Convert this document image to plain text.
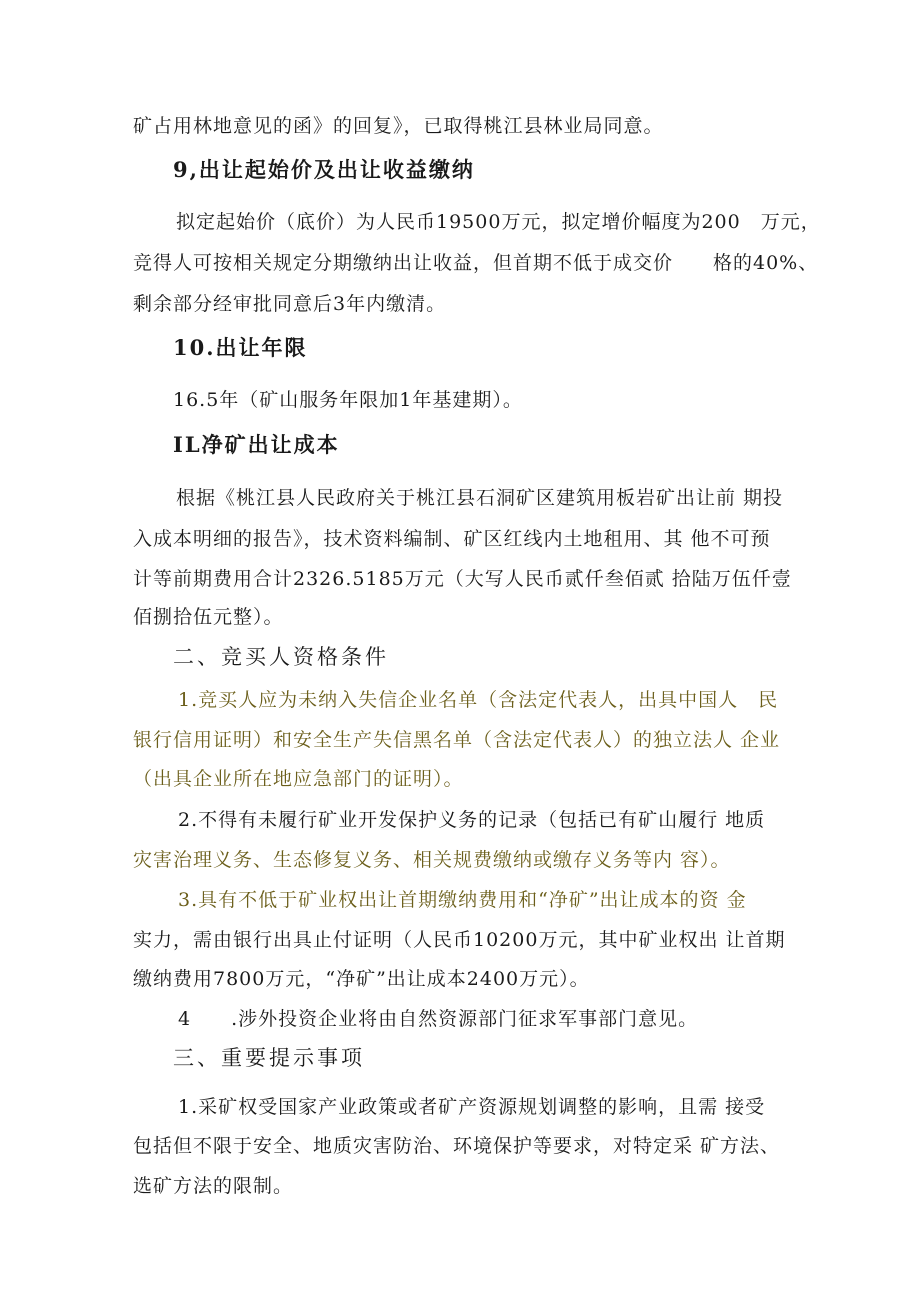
矿占用林地意见的函》的回复》，已取得桃江县林业局同意。
9,出让起始价及出让收益缴纳
拟定起始价（底价）为人民币19500万元，拟定增价幅度为200　万元，
竞得人可按相关规定分期缴纳出让收益，但首期不低于成交价　　格的40%、
剩余部分经审批同意后3年内缴清。
10.出让年限
16.5年（矿山服务年限加1年基建期）。
IL净矿出让成本
根据《桃江县人民政府关于桃江县石洞矿区建筑用板岩矿出让前 期投
入成本明细的报告》，技术资料编制、矿区红线内土地租用、其 他不可预
计等前期费用合计2326.5185万元（大写人民币贰仟叁佰贰 拾陆万伍仟壹
佰捌拾伍元整）。
二、竞买人资格条件
1.竞买人应为未纳入失信企业名单（含法定代表人，出具中国人　民
银行信用证明）和安全生产失信黑名单（含法定代表人）的独立法人 企业
（出具企业所在地应急部门的证明）。
2.不得有未履行矿业开发保护义务的记录（包括已有矿山履行 地质
灾害治理义务、生态修复义务、相关规费缴纳或缴存义务等内 容）。
3.具有不低于矿业权出让首期缴纳费用和“净矿”出让成本的资 金
实力，需由银行出具止付证明（人民币10200万元，其中矿业权出 让首期
缴纳费用7800万元，“净矿”出让成本2400万元）。
4　　.涉外投资企业将由自然资源部门征求军事部门意见。
三、重要提示事项
1.采矿权受国家产业政策或者矿产资源规划调整的影响，且需 接受
包括但不限于安全、地质灾害防治、环境保护等要求，对特定采 矿方法、
选矿方法的限制。
